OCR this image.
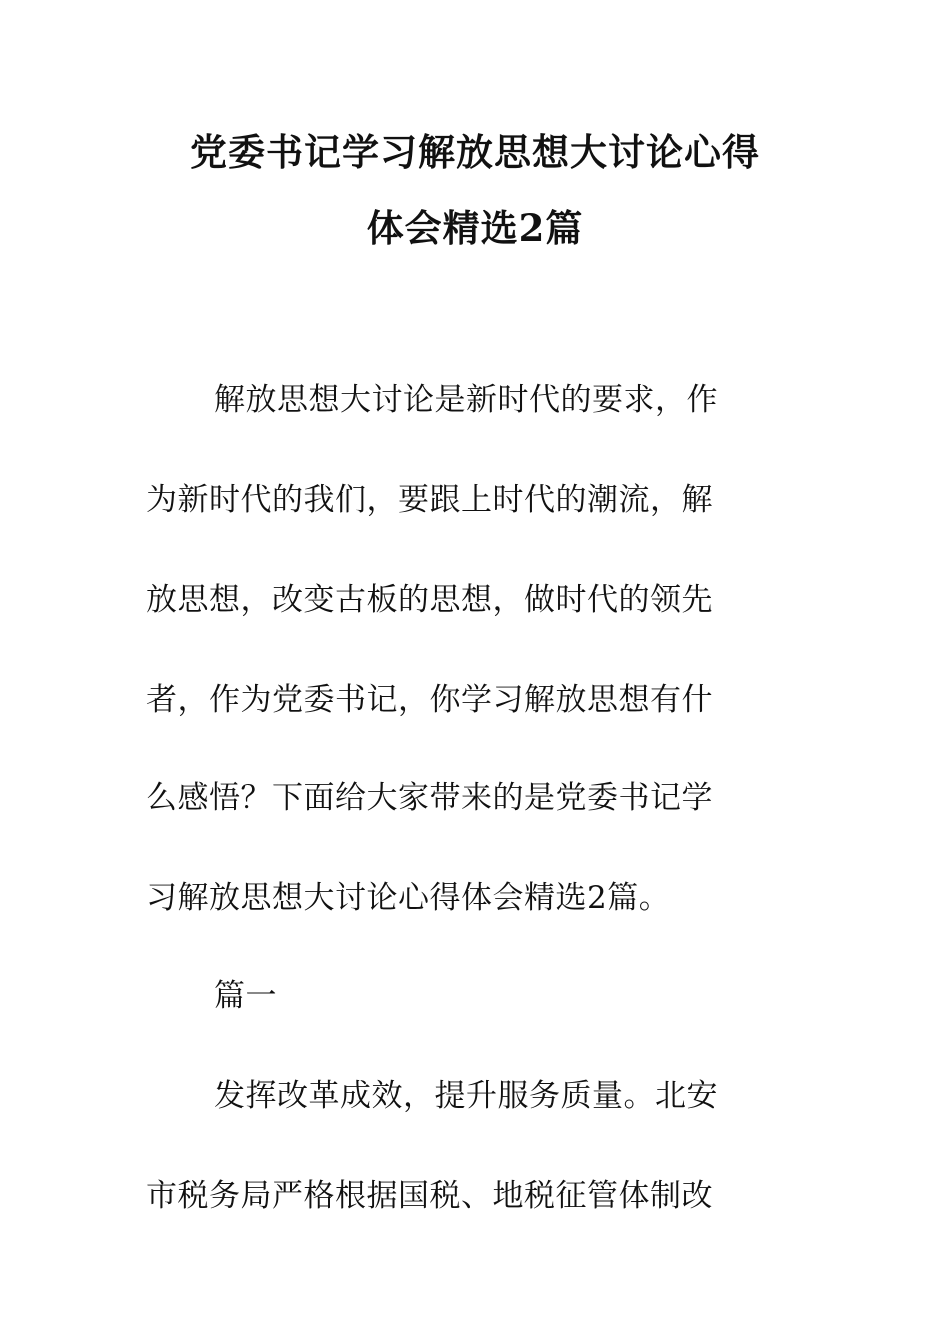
党委书记学习解放思想大讨论心得
体会精选2篇

解放思想大讨论是新时代的要求，作

为新时代的我们，要跟上时代的潮流，解

放思想，改变古板的思想，做时代的领先

者，作为党委书记，你学习解放思想有什

么感悟？下面给大家带来的是党委书记学

习解放思想大讨论心得体会精选2篇。

篇一

发挥改革成效，提升服务质量。北安

市税务局严格根据国税、地税征管体制改
